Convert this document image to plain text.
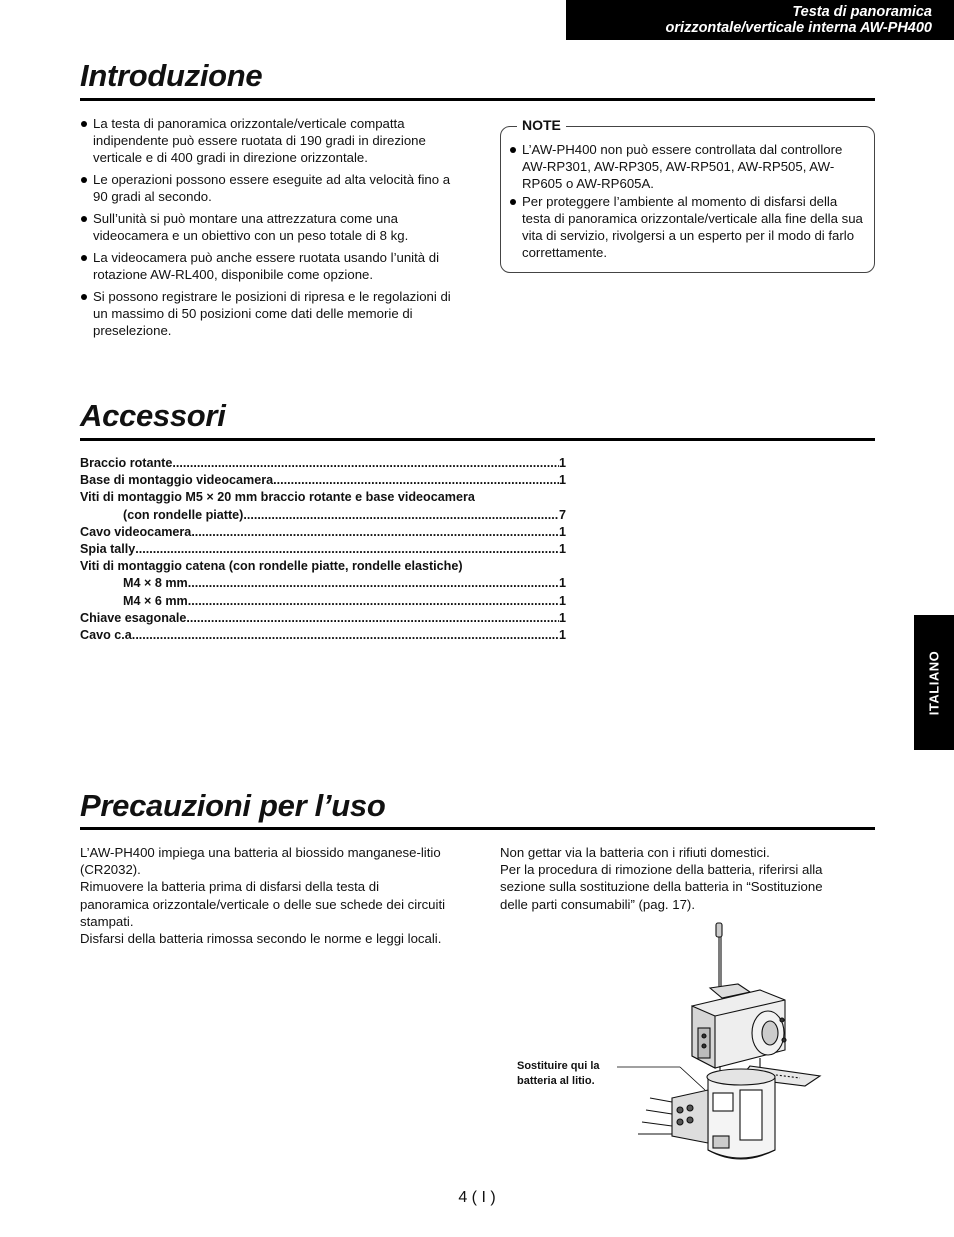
Testa di panoramica
orizzontale/verticale interna AW-PH400
Introduzione
La testa di panoramica orizzontale/verticale compatta indipendente può essere ruotata di 190 gradi in direzione verticale e di 400 gradi in direzione orizzontale.
Le operazioni possono essere eseguite ad alta velocità fino a 90 gradi al secondo.
Sull’unità si può montare una attrezzatura come una videocamera e un obiettivo con un peso totale di 8 kg.
La videocamera può anche essere ruotata usando l’unità di rotazione AW-RL400, disponibile come opzione.
Si possono registrare le posizioni di ripresa e le regolazioni di un massimo di 50 posizioni come dati delle memorie di preselezione.
NOTE
L’AW-PH400 non può essere controllata dal controllore AW-RP301, AW-RP305, AW-RP501, AW-RP505, AW-RP605 o AW-RP605A.
Per proteggere l’ambiente al momento di disfarsi della testa di panoramica orizzontale/verticale alla fine della sua vita di servizio, rivolgersi a un esperto per il modo di farlo correttamente.
Accessori
Braccio rotante .....	1
Base di montaggio videocamera .....	1
Viti di montaggio M5 × 20 mm braccio rotante e base videocamera
(con rondelle piatte) .....	7
Cavo videocamera .....	1
Spia tally .....	1
Viti di montaggio catena (con rondelle piatte, rondelle elastiche)
M4 × 8 mm .....	1
M4 × 6 mm .....	1
Chiave esagonale .....	1
Cavo c.a. .....	1
ITALIANO
Precauzioni per l’uso
L’AW-PH400 impiega una batteria al biossido manganese-litio (CR2032).
Rimuovere la batteria prima di disfarsi della testa di panoramica orizzontale/verticale o delle sue schede dei circuiti stampati.
Disfarsi della batteria rimossa secondo le norme e leggi locali.
Non gettar via la batteria con i rifiuti domestici.
Per la procedura di rimozione della batteria, riferirsi alla sezione sulla sostituzione della batteria in “Sostituzione delle parti consumabili” (pag. 17).
Sostituire qui la
batteria al litio.
4 ( I )
